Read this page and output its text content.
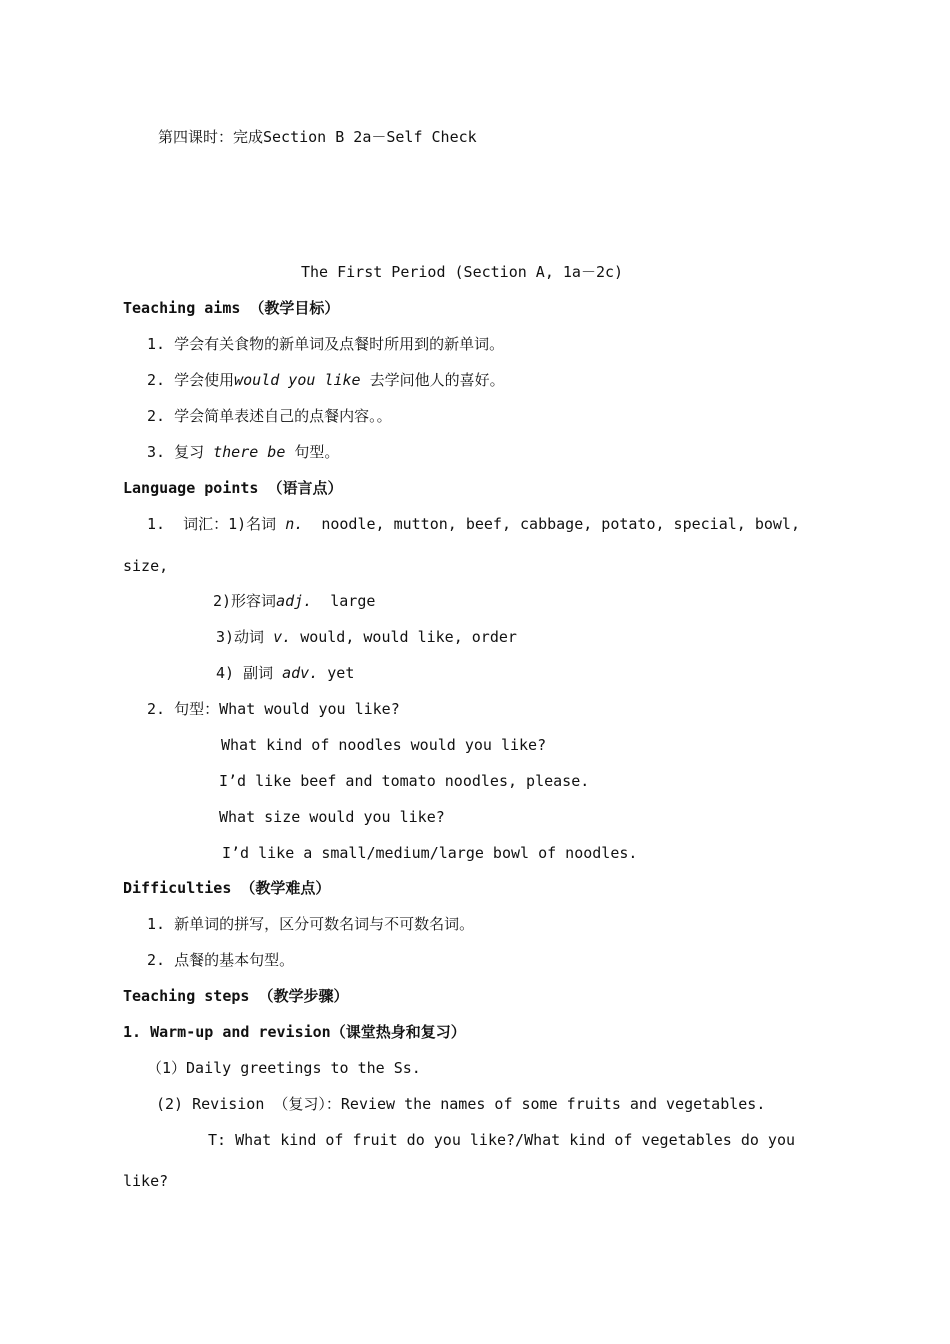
第四课时：完成Section B 2a－Self Check
The First Period (Section A, 1a－2c)
Teaching aims （教学目标）
1. 学会有关食物的新单词及点餐时所用到的新单词。
2. 学会使用would you like 去学问他人的喜好。
2. 学会简单表述自己的点餐内容。。
3. 复习 there be 句型。
Language points （语言点）
1. 词汇：1)名词 n. noodle, mutton, beef, cabbage, potato, special, bowl,
size,
2)形容词adj. large
3)动词 v. would, would like, order
4) 副词 adv. yet
2. 句型：What would you like?
What kind of noodles would you like?
I’d like beef and tomato noodles, please.
What size would you like?
I’d like a small/medium/large bowl of noodles.
Difficulties （教学难点）
1. 新单词的拼写，区分可数名词与不可数名词。
2. 点餐的基本句型。
Teaching steps （教学步骤）
1. Warm-up and revision（课堂热身和复习）
（1）Daily greetings to the Ss.
(2) Revision （复习）：Review the names of some fruits and vegetables.
T: What kind of fruit do you like?/What kind of vegetables do you
like?
